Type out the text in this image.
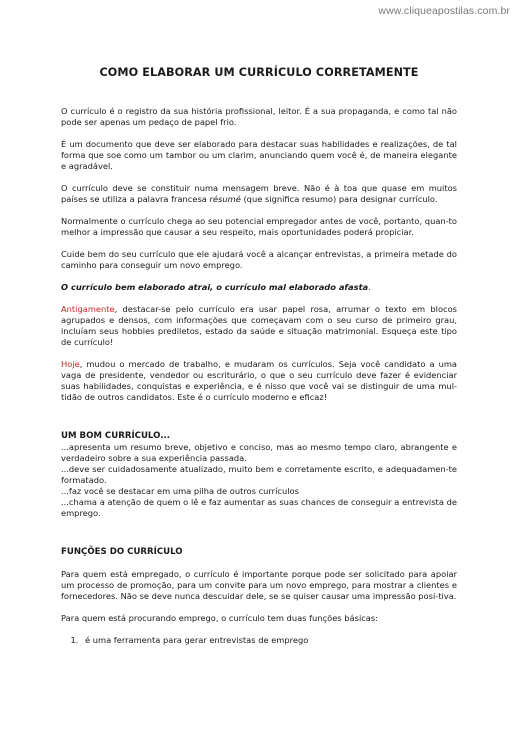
www.cliqueapostilas.com.br
COMO ELABORAR UM CURRÍCULO CORRETAMENTE

O currículo é o registro da sua história profissional, leitor. É a sua propaganda, e como tal não pode ser apenas um pedaço de papel frio.

É um documento que deve ser elaborado para destacar suas habilidades e realizações, de tal forma que soe como um tambor ou um clarim, anunciando quem você é, de maneira elegante e agradável.

O currículo deve se constituir numa mensagem breve. Não é à toa que quase em muitos países se utiliza a palavra francesa résumé (que significa resumo) para designar currículo.

Normalmente o currículo chega ao seu potencial empregador antes de você, portanto, quan-to melhor a impressão que causar a seu respeito, mais oportunidades poderá propiciar.

Cuide bem do seu currículo que ele ajudará você a alcançar entrevistas, a primeira metade do caminho para conseguir um novo emprego.

O currículo bem elaborado atrai, o currículo mal elaborado afasta.

Antigamente, destacar-se pelo currículo era usar papel rosa, arrumar o texto em blocos agrupados e densos, com informações que começavam com o seu curso de primeiro grau, incluíam seus hobbies prediletos, estado da saúde e situação matrimonial. Esqueça este tipo de currículo!

Hoje, mudou o mercado de trabalho, e mudaram os currículos. Seja você candidato a uma vaga de presidente, vendedor ou escriturário, o que o seu currículo deve fazer é evidenciar suas habilidades, conquistas e experiência, e é nisso que você vai se distinguir de uma mul-tidão de outros candidatos. Este é o currículo moderno e eficaz!

UM BOM CURRÍCULO...

...apresenta um resumo breve, objetivo e conciso, mas ao mesmo tempo claro, abrangente e verdadeiro sobre a sua experiência passada.

...deve ser cuidadosamente atualizado, muito bem e corretamente escrito, e adequadamen-te formatado.

...faz você se destacar em uma pilha de outros currículos

...chama a atenção de quem o lê e faz aumentar as suas chances de conseguir a entrevista de emprego.

FUNÇÕES DO CURRÍCULO

Para quem está empregado, o currículo é importante porque pode ser solicitado para apoiar um processo de promoção, para um convite para um novo emprego, para mostrar a clientes e fornecedores. Não se deve nunca descuidar dele, se se quiser causar uma impressão posi-tiva.

Para quem está procurando emprego, o currículo tem duas funções básicas:

1. é uma ferramenta para gerar entrevistas de emprego
